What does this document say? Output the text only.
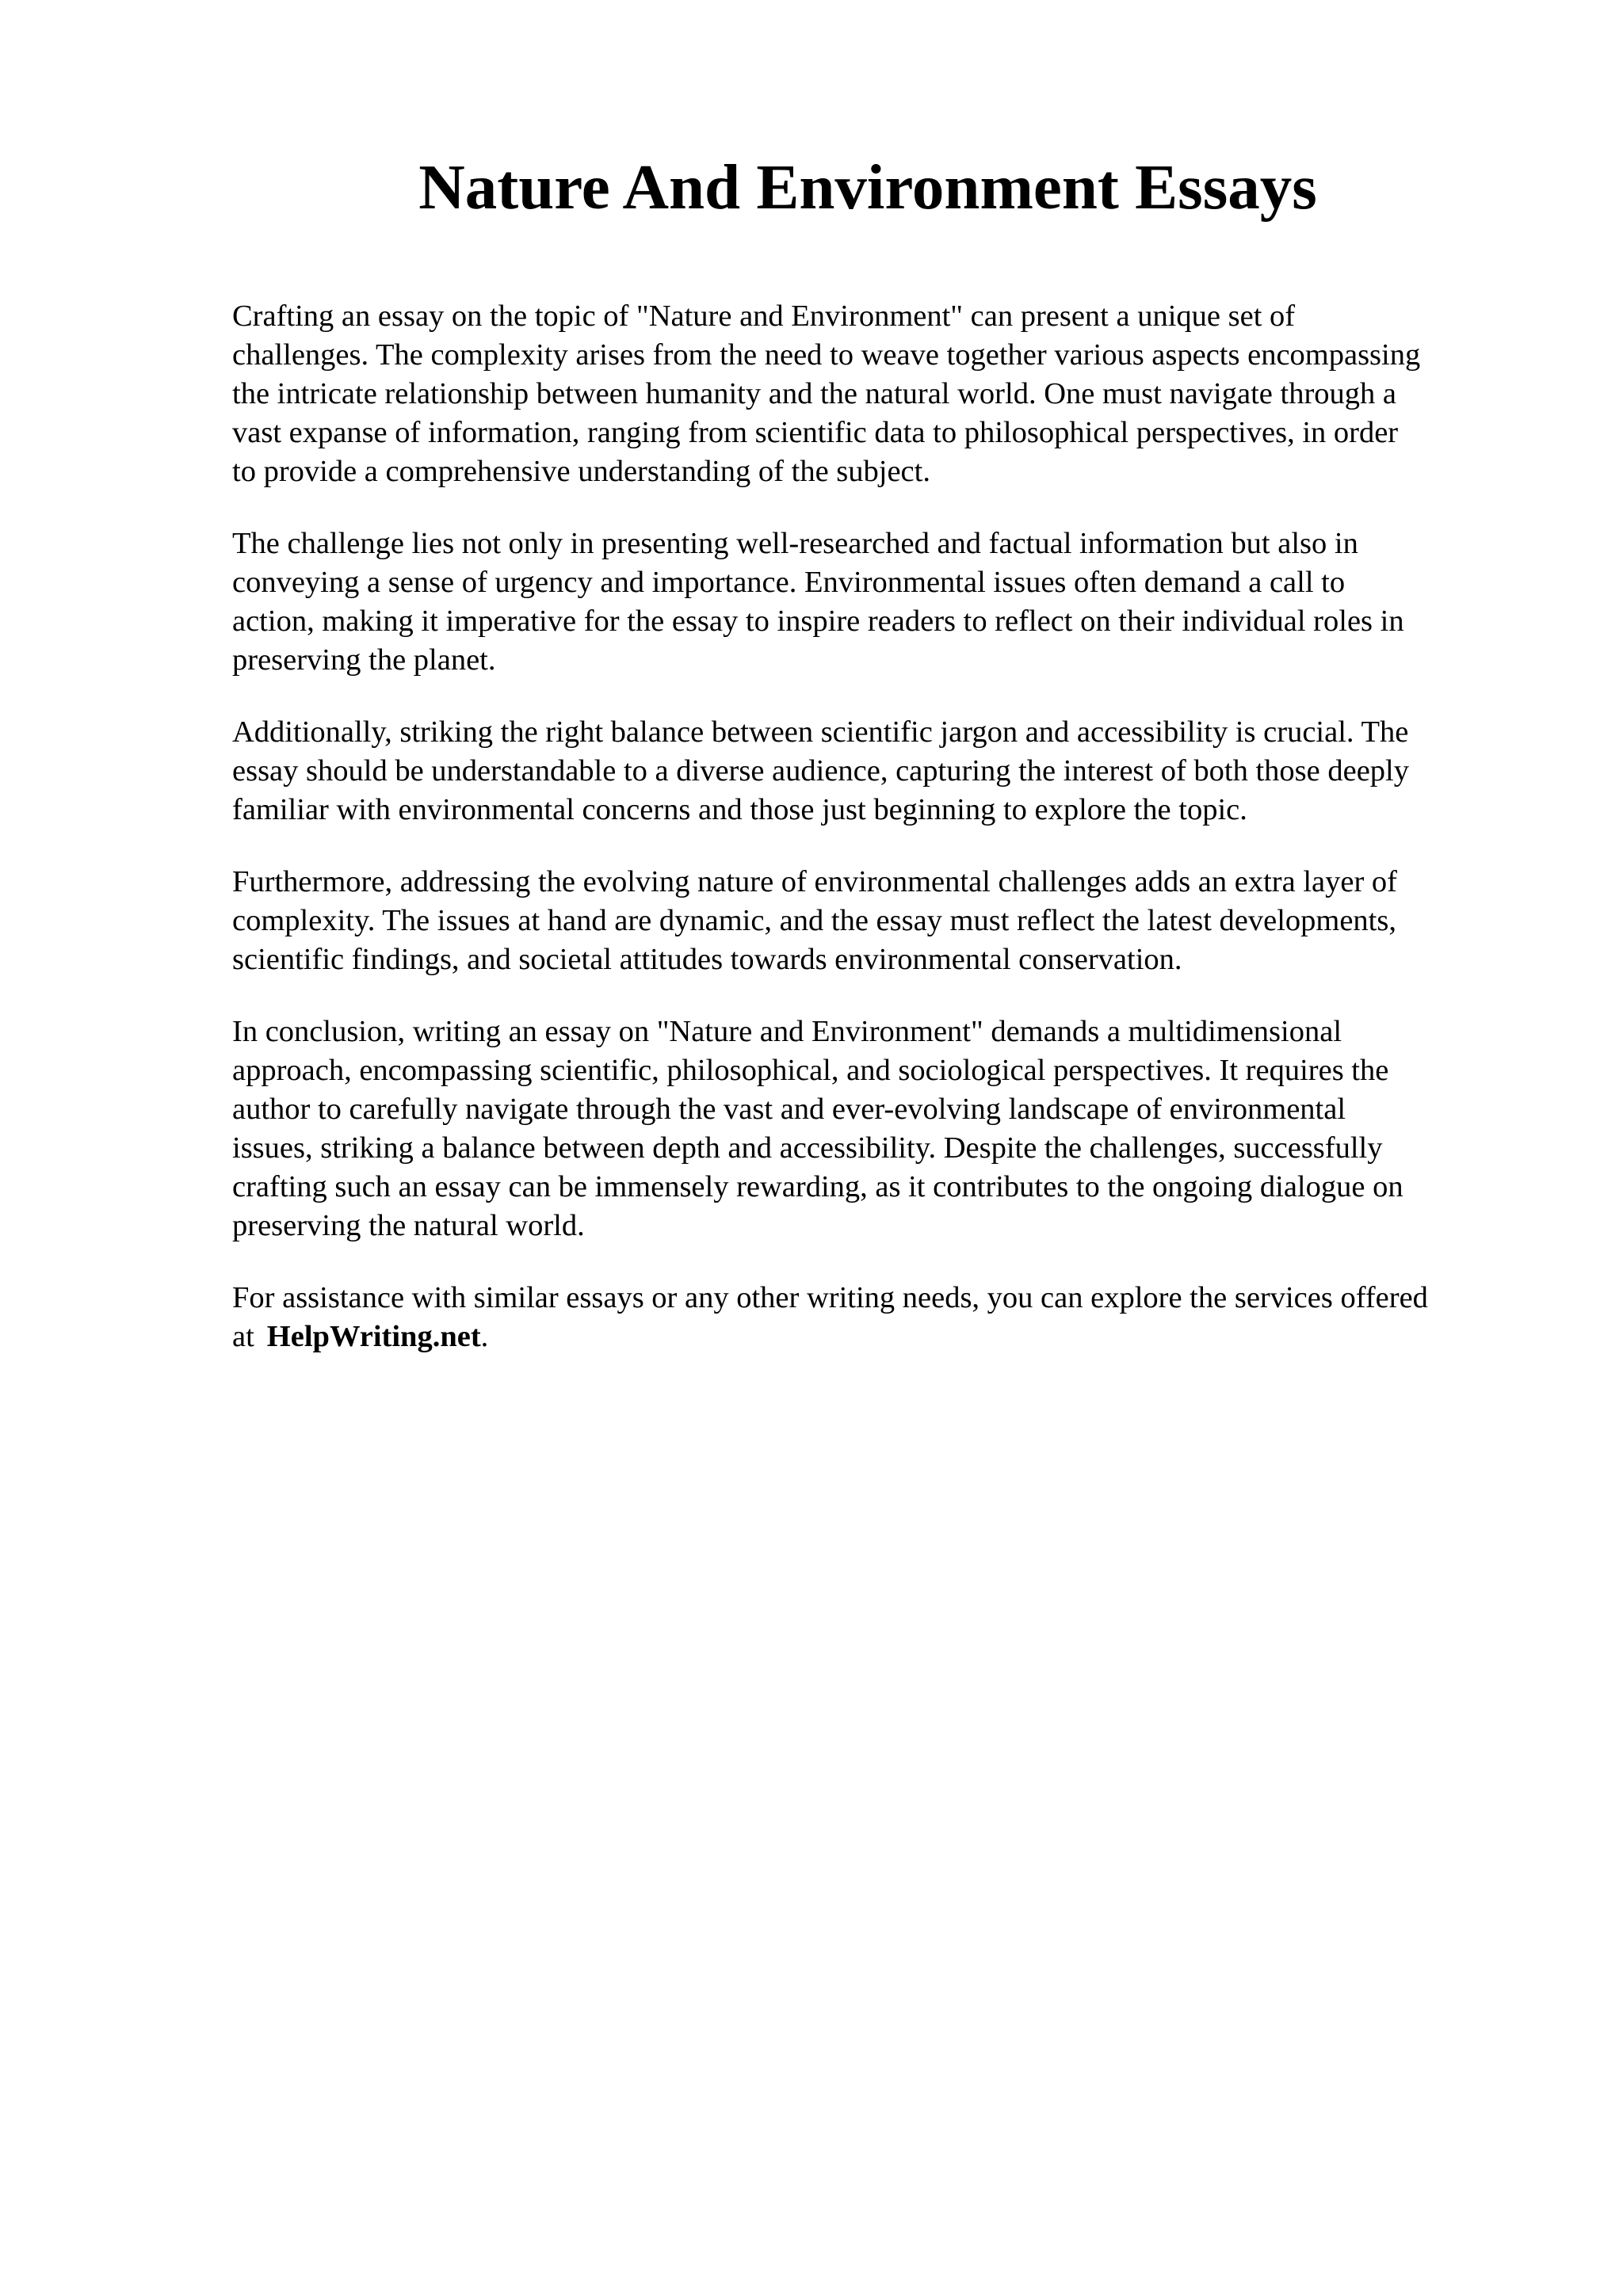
Nature And Environment Essays

Crafting an essay on the topic of "Nature and Environment" can present a unique set of
challenges. The complexity arises from the need to weave together various aspects encompassing
the intricate relationship between humanity and the natural world. One must navigate through a
vast expanse of information, ranging from scientific data to philosophical perspectives, in order
to provide a comprehensive understanding of the subject.

The challenge lies not only in presenting well-researched and factual information but also in
conveying a sense of urgency and importance. Environmental issues often demand a call to
action, making it imperative for the essay to inspire readers to reflect on their individual roles in
preserving the planet.

Additionally, striking the right balance between scientific jargon and accessibility is crucial. The
essay should be understandable to a diverse audience, capturing the interest of both those deeply
familiar with environmental concerns and those just beginning to explore the topic.

Furthermore, addressing the evolving nature of environmental challenges adds an extra layer of
complexity. The issues at hand are dynamic, and the essay must reflect the latest developments,
scientific findings, and societal attitudes towards environmental conservation.

In conclusion, writing an essay on "Nature and Environment" demands a multidimensional
approach, encompassing scientific, philosophical, and sociological perspectives. It requires the
author to carefully navigate through the vast and ever-evolving landscape of environmental
issues, striking a balance between depth and accessibility. Despite the challenges, successfully
crafting such an essay can be immensely rewarding, as it contributes to the ongoing dialogue on
preserving the natural world.

For assistance with similar essays or any other writing needs, you can explore the services offered
at HelpWriting.net.
